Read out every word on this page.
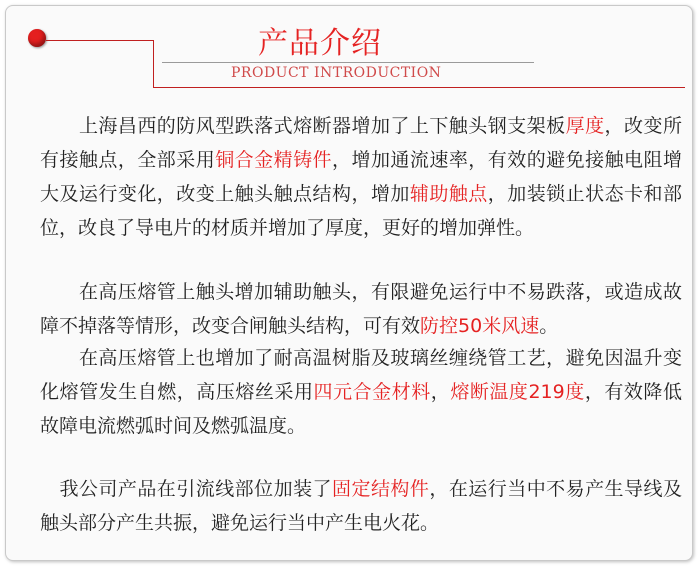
产品介绍
PRODUCT INTRODUCTION

　　上海昌西的防风型跌落式熔断器增加了上下触头钢支架板厚度，改变所有接触点，全部采用铜合金精铸件，增加通流速率，有效的避免接触电阻增大及运行变化，改变上触头触点结构，增加辅助触点，加装锁止状态卡和部位，改良了导电片的材质并增加了厚度，更好的增加弹性。

　　在高压熔管上触头增加辅助触头，有限避免运行中不易跌落，或造成故障不掉落等情形，改变合闸触头结构，可有效防控50米风速。

　　在高压熔管上也增加了耐高温树脂及玻璃丝缠绕管工艺，避免因温升变化熔管发生自燃，高压熔丝采用四元合金材料，熔断温度219度，有效降低故障电流燃弧时间及燃弧温度。

　我公司产品在引流线部位加装了固定结构件，在运行当中不易产生导线及触头部分产生共振，避免运行当中产生电火花。
